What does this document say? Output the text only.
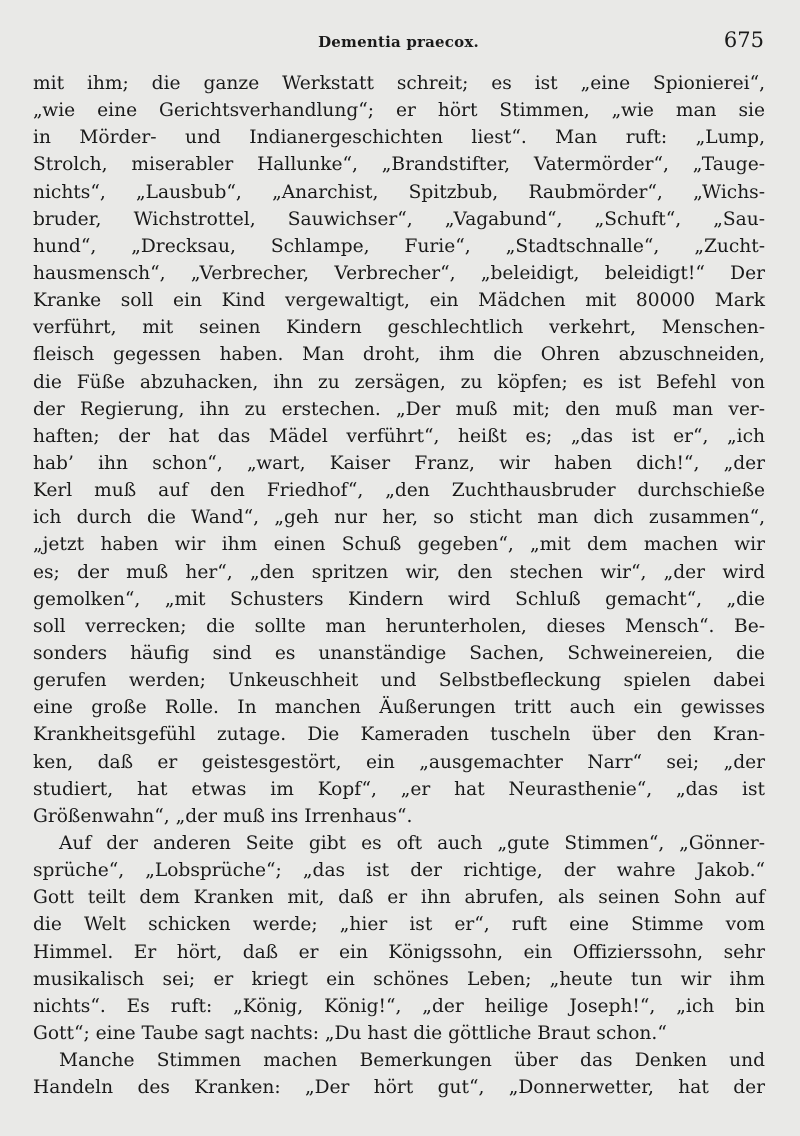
Dementia praecox.	675
mit ihm; die ganze Werkstatt schreit; es ist „eine Spionierei“,
„wie eine Gerichtsverhandlung“; er hört Stimmen, „wie man sie
in Mörder- und Indianergeschichten liest“. Man ruft: „Lump,
Strolch, miserabler Hallunke“, „Brandstifter, Vatermörder“, „Tauge-
nichts“, „Lausbub“, „Anarchist, Spitzbub, Raubmörder“, „Wichs-
bruder, Wichstrottel, Sauwichser“, „Vagabund“, „Schuft“, „Sau-
hund“, „Drecksau, Schlampe, Furie“, „Stadtschnalle“, „Zucht-
hausmensch“, „Verbrecher, Verbrecher“, „beleidigt, beleidigt!“ Der
Kranke soll ein Kind vergewaltigt, ein Mädchen mit 80000 Mark
verführt, mit seinen Kindern geschlechtlich verkehrt, Menschen-
fleisch gegessen haben. Man droht, ihm die Ohren abzuschneiden,
die Füße abzuhacken, ihn zu zersägen, zu köpfen; es ist Befehl von
der Regierung, ihn zu erstechen. „Der muß mit; den muß man ver-
haften; der hat das Mädel verführt“, heißt es; „das ist er“, „ich
hab’ ihn schon“, „wart, Kaiser Franz, wir haben dich!“, „der
Kerl muß auf den Friedhof“, „den Zuchthausbruder durchschieße
ich durch die Wand“, „geh nur her, so sticht man dich zusammen“,
„jetzt haben wir ihm einen Schuß gegeben“, „mit dem machen wir
es; der muß her“, „den spritzen wir, den stechen wir“, „der wird
gemolken“, „mit Schusters Kindern wird Schluß gemacht“, „die
soll verrecken; die sollte man herunterholen, dieses Mensch“. Be-
sonders häufig sind es unanständige Sachen, Schweinereien, die
gerufen werden; Unkeuschheit und Selbstbefleckung spielen dabei
eine große Rolle. In manchen Äußerungen tritt auch ein gewisses
Krankheitsgefühl zutage. Die Kameraden tuscheln über den Kran-
ken, daß er geistesgestört, ein „ausgemachter Narr“ sei; „der
studiert, hat etwas im Kopf“, „er hat Neurasthenie“, „das ist
Größenwahn“, „der muß ins Irrenhaus“.
Auf der anderen Seite gibt es oft auch „gute Stimmen“, „Gönner-
sprüche“, „Lobsprüche“; „das ist der richtige, der wahre Jakob.“
Gott teilt dem Kranken mit, daß er ihn abrufen, als seinen Sohn auf
die Welt schicken werde; „hier ist er“, ruft eine Stimme vom
Himmel. Er hört, daß er ein Königssohn, ein Offizierssohn, sehr
musikalisch sei; er kriegt ein schönes Leben; „heute tun wir ihm
nichts“. Es ruft: „König, König!“, „der heilige Joseph!“, „ich bin
Gott“; eine Taube sagt nachts: „Du hast die göttliche Braut schon.“
Manche Stimmen machen Bemerkungen über das Denken und
Handeln des Kranken: „Der hört gut“, „Donnerwetter, hat der
